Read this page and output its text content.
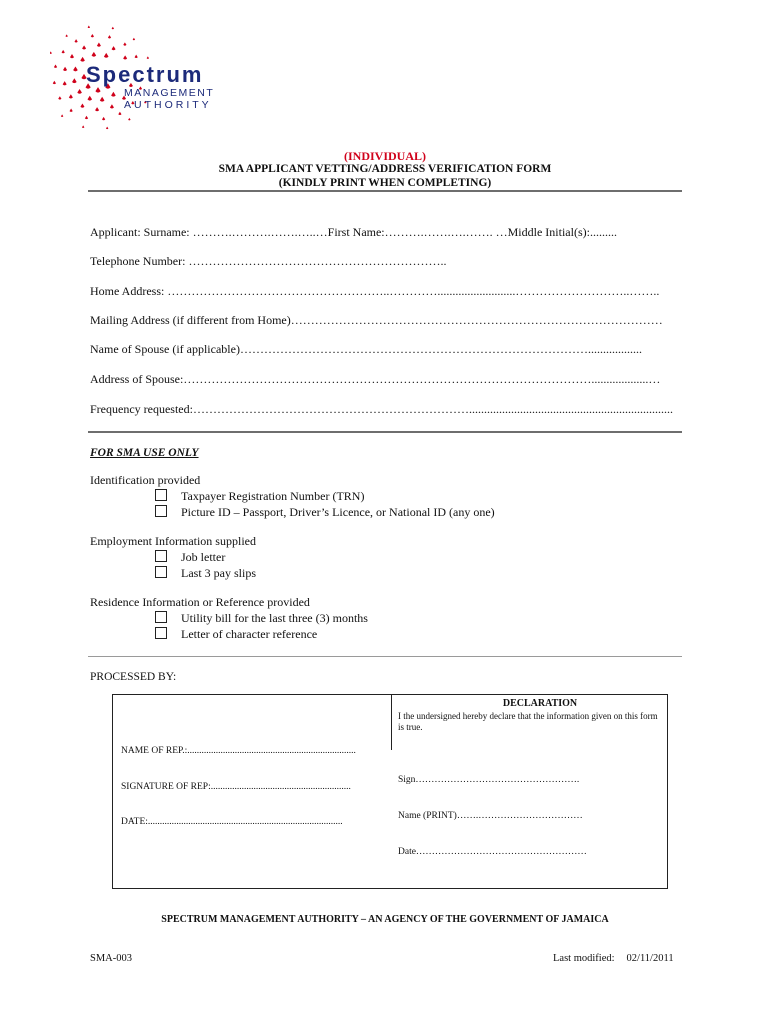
Spectrum
MANAGEMENT
AUTHORITY
(INDIVIDUAL)
SMA APPLICANT VETTING/ADDRESS VERIFICATION FORM
(KINDLY PRINT WHEN COMPLETING)
Applicant: Surname: ……….……….…….…..…First Name:……….…….….……. …Middle Initial(s):.........
Telephone Number: ………………………………………………………..
Home Address: ………………………………………………..…………..........................………………………..……..
Mailing Address (if different from Home)…………………………………………………………………………………
Name of Spouse (if applicable)……………………………………………………………………………..................
Address of Spouse:…………………………………………………………………………………………...................…
Frequency requested:……………………………………………………………....................................................................
FOR SMA USE ONLY
Identification provided
Taxpayer Registration Number (TRN)
Picture ID – Passport, Driver’s Licence, or National ID (any one)
Employment Information supplied
Job letter
Last 3 pay slips
Residence Information or Reference provided
Utility bill for the last three (3) months
Letter of character reference
PROCESSED BY:
DECLARATION
I the undersigned hereby declare that the information given on this form is true.
NAME OF REP.:.......................................................................
SIGNATURE OF REP:...........................................................
DATE:..................................................................................
Sign…………………………………………….
Name (PRINT)…….……………………………
Date………………………………………………
SPECTRUM MANAGEMENT AUTHORITY – AN AGENCY OF THE GOVERNMENT OF JAMAICA
SMA-003	Last modified: 02/11/2011
